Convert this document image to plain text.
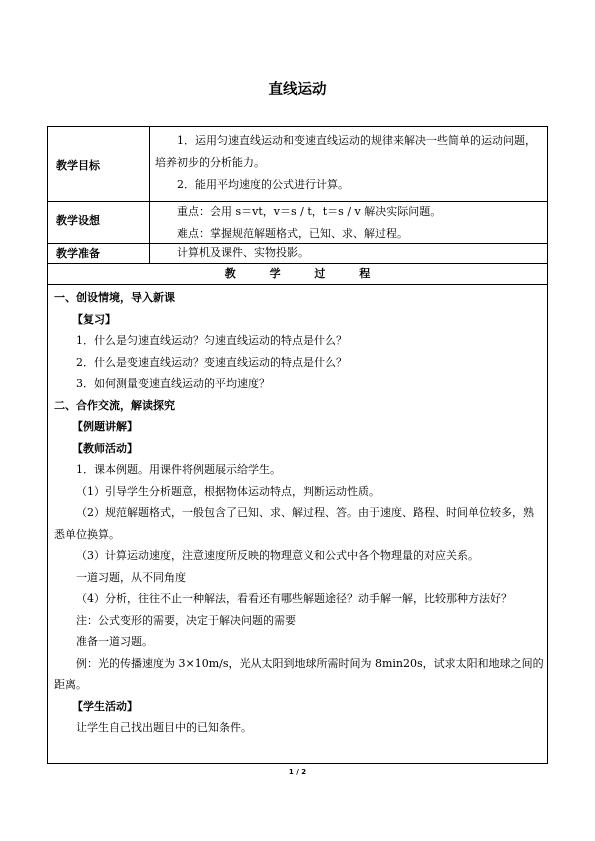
直线运动
教学目标

1．运用匀速直线运动和变速直线运动的规律来解决一些简单的运动问题，培养初步的分析能力。

2．能用平均速度的公式进行计算。

教学设想

重点：会用 s＝vt，v＝s / t，t＝s / v 解决实际问题。

难点：掌握规范解题格式，已知、求、解过程。

教学准备	计算机及课件、实物投影。

教 学 过 程

一、创设情境，导入新课

【复习】

1．什么是匀速直线运动？匀速直线运动的特点是什么？

2．什么是变速直线运动？变速直线运动的特点是什么？

3．如何测量变速直线运动的平均速度？

二、合作交流，解读探究

【例题讲解】

【教师活动】

1．课本例题。用课件将例题展示给学生。

（1）引导学生分析题意，根据物体运动特点，判断运动性质。

（2）规范解题格式，一般包含了已知、求、解过程、答。由于速度、路程、时间单位较多，熟悉单位换算。

（3）计算运动速度，注意速度所反映的物理意义和公式中各个物理量的对应关系。

一道习题，从不同角度

（4）分析，往往不止一种解法，看看还有哪些解题途径？动手解一解，比较那种方法好？

注：公式变形的需要，决定于解决问题的需要

准备一道习题。

例：光的传播速度为 3×10m/s，光从太阳到地球所需时间为 8min20s，试求太阳和地球之间的距离。

【学生活动】

让学生自己找出题目中的已知条件。

1 / 2
